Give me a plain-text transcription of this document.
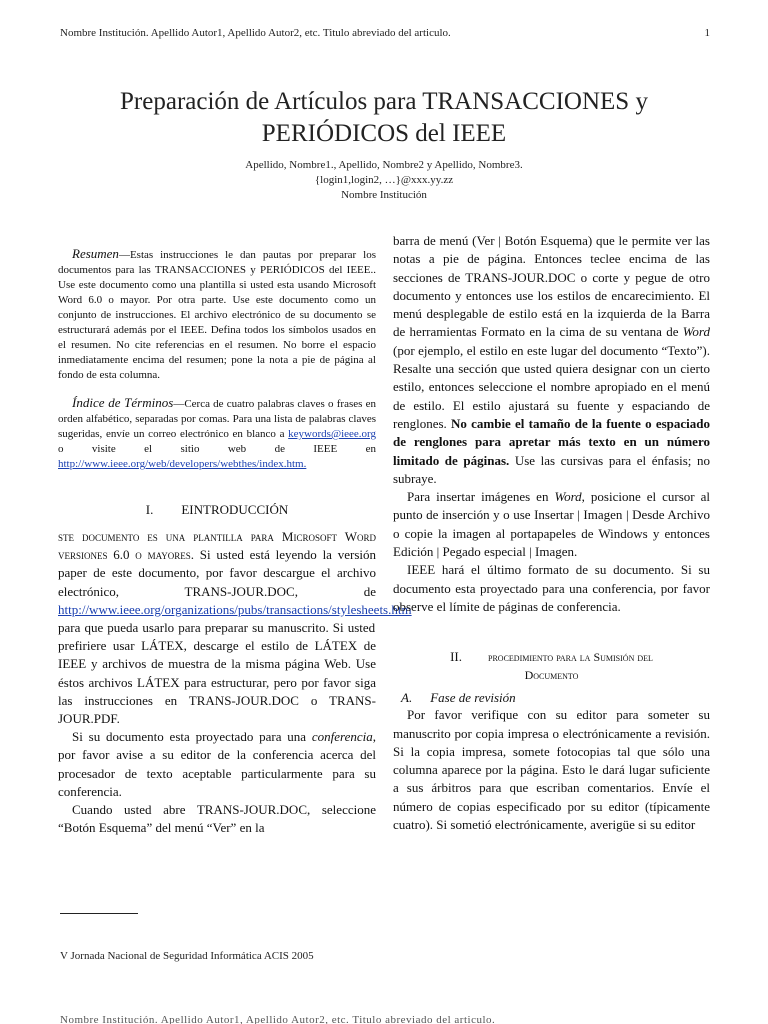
Nombre Institución. Apellido Autor1, Apellido Autor2, etc. Titulo abreviado del articulo.	1
Preparación de Artículos para TRANSACCIONES y
PERIÓDICOS del IEEE
Apellido, Nombre1., Apellido, Nombre2 y Apellido, Nombre3.
{login1,login2, …}@xxx.yy.zz
Nombre Institución

Resumen—Estas instrucciones le dan pautas por preparar los documentos para las TRANSACCIONES y PERIÓDICOS del IEEE.. Use este documento como una plantilla si usted esta usando Microsoft Word 6.0 o mayor. Por otra parte. Use este documento como un conjunto de instrucciones. El archivo electrónico de su documento se estructurará además por el IEEE. Defina todos los símbolos usados en el resumen. No cite referencias en el resumen. No borre el espacio inmediatamente encima del resumen; pone la nota a pie de página al fondo de esta columna.

Índice de Términos—Cerca de cuatro palabras claves o frases en orden alfabético, separadas por comas. Para una lista de palabras claves sugeridas, envíe un correo electrónico en blanco a keywords@ieee.org o visite el sitio web de IEEE en http://www.ieee.org/web/developers/webthes/index.htm.

I. EINTRODUCCIÓN

ste documento es una plantilla para Microsoft Word versiones 6.0 o mayores. Si usted está leyendo la versión paper de este documento, por favor descargue el archivo electrónico, TRANS-JOUR.DOC, de http://www.ieee.org/organizations/pubs/transactions/stylesheets.htm para que pueda usarlo para preparar su manuscrito. Si usted prefiriere usar LÁTEX, descarge el estilo de LÁTEX de IEEE y archivos de muestra de la misma página Web. Use éstos archivos LÁTEX para estructurar, pero por favor siga las instrucciones en TRANS-JOUR.DOC o TRANS-JOUR.PDF.

Si su documento esta proyectado para una conferencia, por favor avise a su editor de la conferencia acerca del procesador de texto aceptable particularmente para su conferencia.

Cuando usted abre TRANS-JOUR.DOC, seleccione “Botón Esquema” del menú “Ver” en la

barra de menú (Ver | Botón Esquema) que le permite ver las notas a pie de página. Entonces teclee encima de las secciones de TRANS-JOUR.DOC o corte y pegue de otro documento y entonces use los estilos de encarecimiento. El menú desplegable de estilo está en la izquierda de la Barra de herramientas Formato en la cima de su ventana de Word (por ejemplo, el estilo en este lugar del documento “Texto”). Resalte una sección que usted quiera designar con un cierto estilo, entonces seleccione el nombre apropiado en el menú de estilo. El estilo ajustará su fuente y espaciando de renglones. No cambie el tamaño de la fuente o espaciado de renglones para apretar más texto en un número limitado de páginas. Use las cursivas para el énfasis; no subraye.

Para insertar imágenes en Word, posicione el cursor al punto de inserción y o use Insertar | Imagen | Desde Archivo o copie la imagen al portapapeles de Windows y entonces Edición | Pegado especial | Imagen.

IEEE hará el último formato de su documento. Si su documento esta proyectado para una conferencia, por favor observe el límite de páginas de conferencia.

II. procedimiento para la Sumisión del
Documento
A. Fase de revisión

Por favor verifique con su editor para someter su manuscrito por copia impresa o electrónicamente a revisión. Si la copia impresa, somete fotocopias tal que sólo una columna aparece por la página. Esto le dará lugar suficiente a sus árbitros para que escriban comentarios. Envíe el número de copias especificado por su editor (típicamente cuatro). Si sometió electrónicamente, averigüe si su editor

V Jornada Nacional de Seguridad Informática ACIS 2005
Nombre Institución. Apellido Autor1, Apellido Autor2, etc. Titulo abreviado del articulo.
